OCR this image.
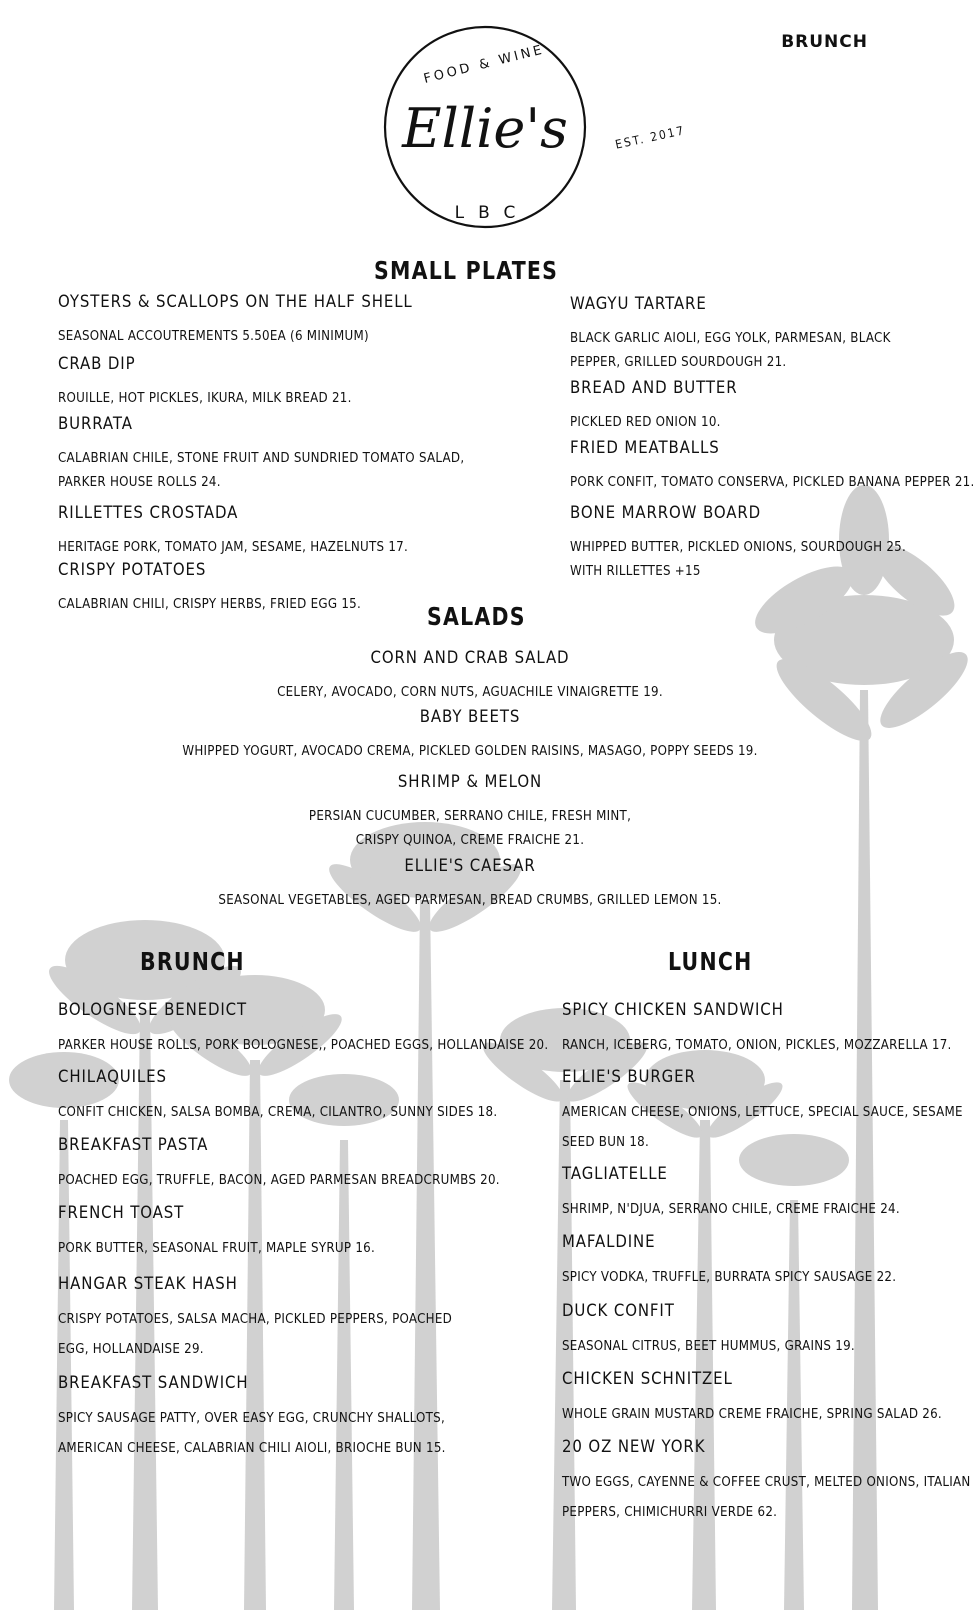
FOOD & WINE
Ellie's
LBC
EST. 2017
BRUNCH
SMALL PLATES
OYSTERS & SCALLOPS ON THE HALF SHELL
SEASONAL ACCOUTREMENTS 5.50EA (6 MINIMUM)
CRAB DIP
ROUILLE, HOT PICKLES, IKURA, MILK BREAD 21.
BURRATA
CALABRIAN CHILE, STONE FRUIT AND SUNDRIED TOMATO SALAD,
PARKER HOUSE ROLLS 24.
RILLETTES CROSTADA
HERITAGE PORK, TOMATO JAM, SESAME, HAZELNUTS 17.
CRISPY POTATOES
CALABRIAN CHILI, CRISPY HERBS, FRIED EGG 15.
WAGYU TARTARE
BLACK GARLIC AIOLI, EGG YOLK, PARMESAN, BLACK
PEPPER, GRILLED SOURDOUGH 21.
BREAD AND BUTTER
PICKLED RED ONION 10.
FRIED MEATBALLS
PORK CONFIT, TOMATO CONSERVA, PICKLED BANANA PEPPER 21.
BONE MARROW BOARD
WHIPPED BUTTER, PICKLED ONIONS, SOURDOUGH 25.
WITH RILLETTES +15
SALADS
CORN AND CRAB SALAD
CELERY, AVOCADO, CORN NUTS, AGUACHILE VINAIGRETTE 19.
BABY BEETS
WHIPPED YOGURT, AVOCADO CREMA, PICKLED GOLDEN RAISINS, MASAGO, POPPY SEEDS 19.
SHRIMP & MELON
PERSIAN CUCUMBER, SERRANO CHILE, FRESH MINT,
CRISPY QUINOA, CREME FRAICHE 21.
ELLIE'S CAESAR
SEASONAL VEGETABLES, AGED PARMESAN, BREAD CRUMBS, GRILLED LEMON 15.
BRUNCH
BOLOGNESE BENEDICT
PARKER HOUSE ROLLS, PORK BOLOGNESE,, POACHED EGGS, HOLLANDAISE 20.
CHILAQUILES
CONFIT CHICKEN, SALSA BOMBA, CREMA, CILANTRO, SUNNY SIDES 18.
BREAKFAST PASTA
POACHED EGG, TRUFFLE, BACON, AGED PARMESAN BREADCRUMBS 20.
FRENCH TOAST
PORK BUTTER, SEASONAL FRUIT, MAPLE SYRUP 16.
HANGAR STEAK HASH
CRISPY POTATOES, SALSA MACHA, PICKLED PEPPERS, POACHED
EGG, HOLLANDAISE 29.
BREAKFAST SANDWICH
SPICY SAUSAGE PATTY, OVER EASY EGG, CRUNCHY SHALLOTS,
AMERICAN CHEESE, CALABRIAN CHILI AIOLI, BRIOCHE BUN 15.
LUNCH
SPICY CHICKEN SANDWICH
RANCH, ICEBERG, TOMATO, ONION, PICKLES, MOZZARELLA 17.
ELLIE'S BURGER
AMERICAN CHEESE, ONIONS, LETTUCE, SPECIAL SAUCE, SESAME
SEED BUN 18.
TAGLIATELLE
SHRIMP, N'DJUA, SERRANO CHILE, CREME FRAICHE 24.
MAFALDINE
SPICY VODKA, TRUFFLE, BURRATA SPICY SAUSAGE 22.
DUCK CONFIT
SEASONAL CITRUS, BEET HUMMUS, GRAINS 19.
CHICKEN SCHNITZEL
WHOLE GRAIN MUSTARD CREME FRAICHE, SPRING SALAD 26.
20 OZ NEW YORK
TWO EGGS, CAYENNE & COFFEE CRUST, MELTED ONIONS, ITALIAN
PEPPERS, CHIMICHURRI VERDE 62.
